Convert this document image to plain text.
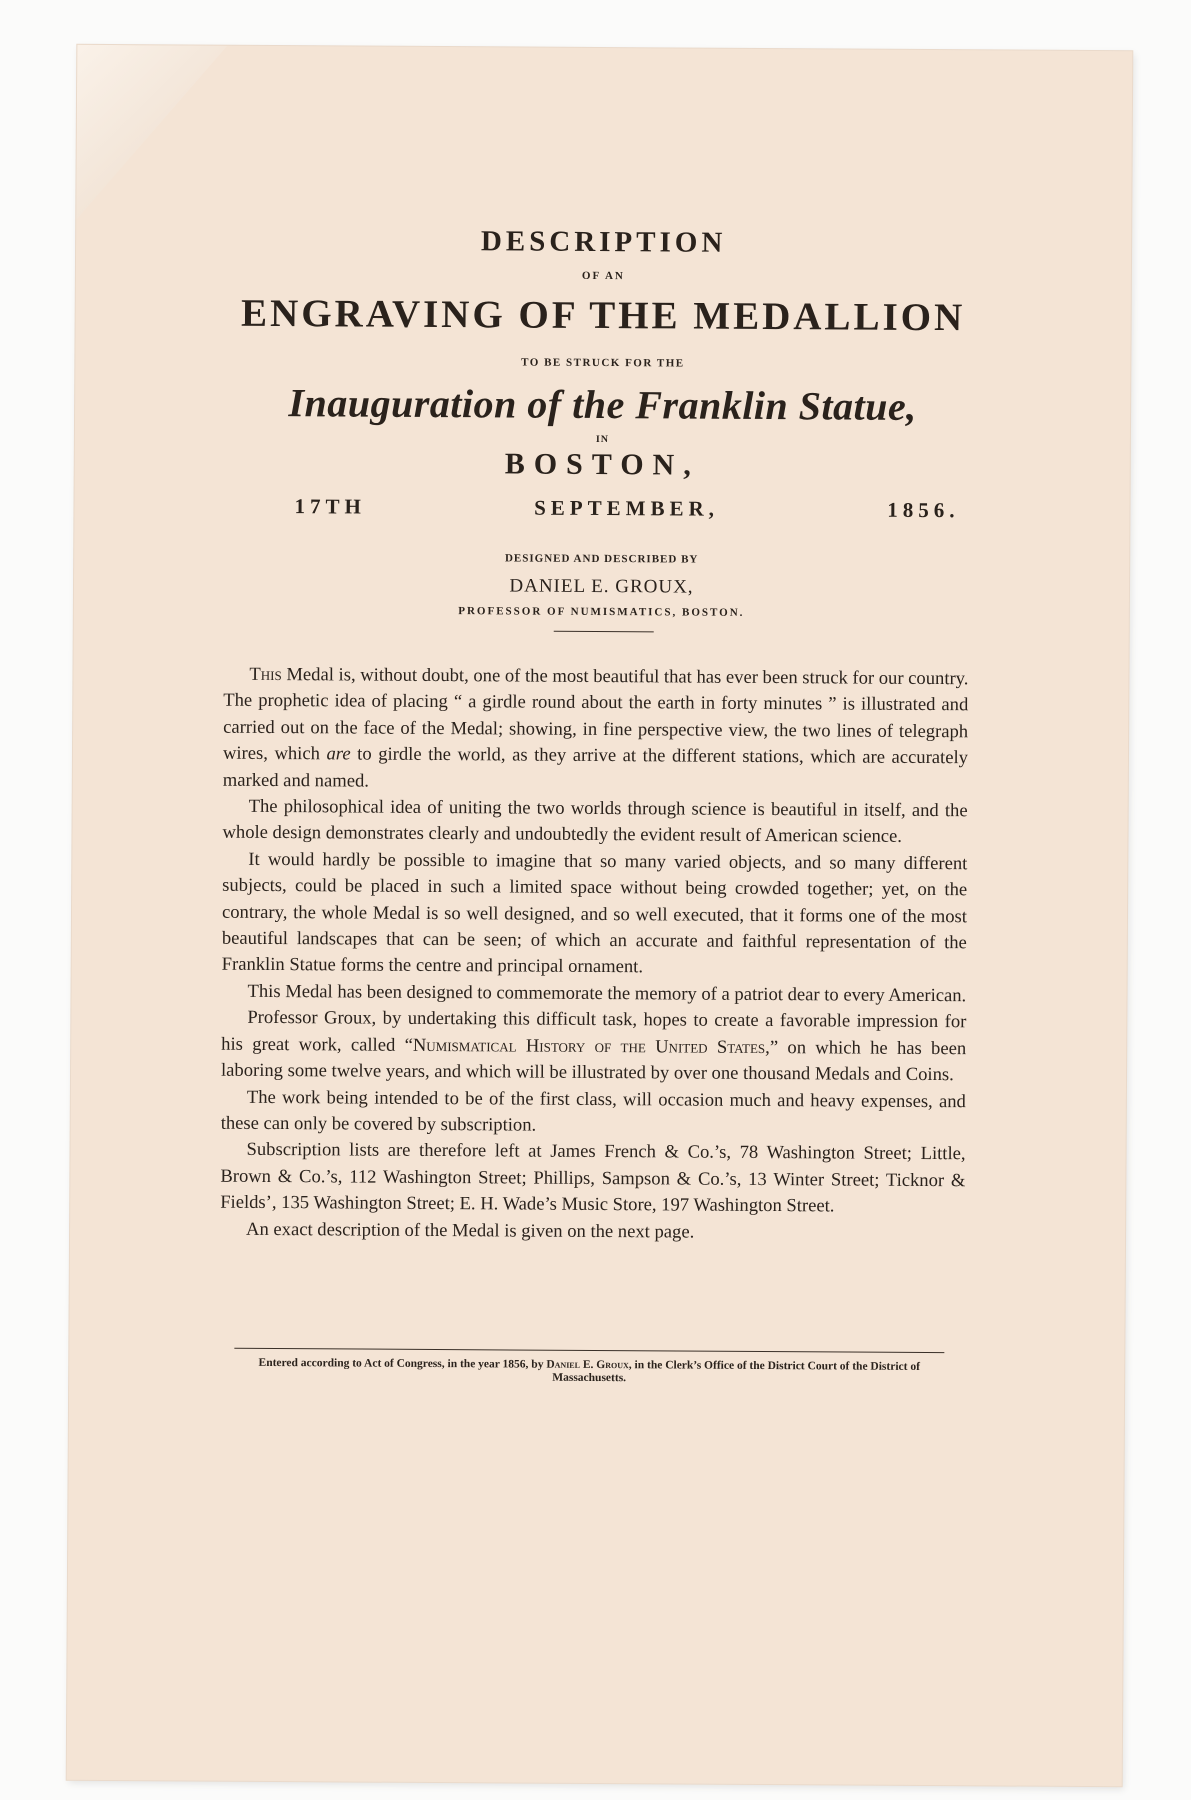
DESCRIPTION
OF AN
ENGRAVING OF THE MEDALLION
TO BE STRUCK FOR THE
Inauguration of the Franklin Statue,
IN
BOSTON,
17TH	SEPTEMBER,	1856.
DESIGNED AND DESCRIBED BY
DANIEL E. GROUX,
PROFESSOR OF NUMISMATICS, BOSTON.

This Medal is, without doubt, one of the most beautiful that has ever been struck for our country. The prophetic idea of placing “ a girdle round about the earth in forty minutes ” is illustrated and carried out on the face of the Medal; showing, in fine perspective view, the two lines of telegraph wires, which are to girdle the world, as they arrive at the different stations, which are accurately marked and named.

The philosophical idea of uniting the two worlds through science is beautiful in itself, and the whole design demonstrates clearly and undoubtedly the evident result of American science.

It would hardly be possible to imagine that so many varied objects, and so many different subjects, could be placed in such a limited space without being crowded together; yet, on the contrary, the whole Medal is so well designed, and so well executed, that it forms one of the most beautiful landscapes that can be seen; of which an accurate and faithful representation of the Franklin Statue forms the centre and principal ornament.

This Medal has been designed to commemorate the memory of a patriot dear to every American.

Professor Groux, by undertaking this difficult task, hopes to create a favorable impression for his great work, called “Numismatical History of the United States,” on which he has been laboring some twelve years, and which will be illustrated by over one thousand Medals and Coins.

The work being intended to be of the first class, will occasion much and heavy expenses, and these can only be covered by subscription.

Subscription lists are therefore left at James French & Co.’s, 78 Washington Street; Little, Brown & Co.’s, 112 Washington Street; Phillips, Sampson & Co.’s, 13 Winter Street; Ticknor & Fields’, 135 Washington Street; E. H. Wade’s Music Store, 197 Washington Street.

An exact description of the Medal is given on the next page.

Entered according to Act of Congress, in the year 1856, by Daniel E. Groux, in the Clerk’s Office of the District Court of the District of Massachusetts.
